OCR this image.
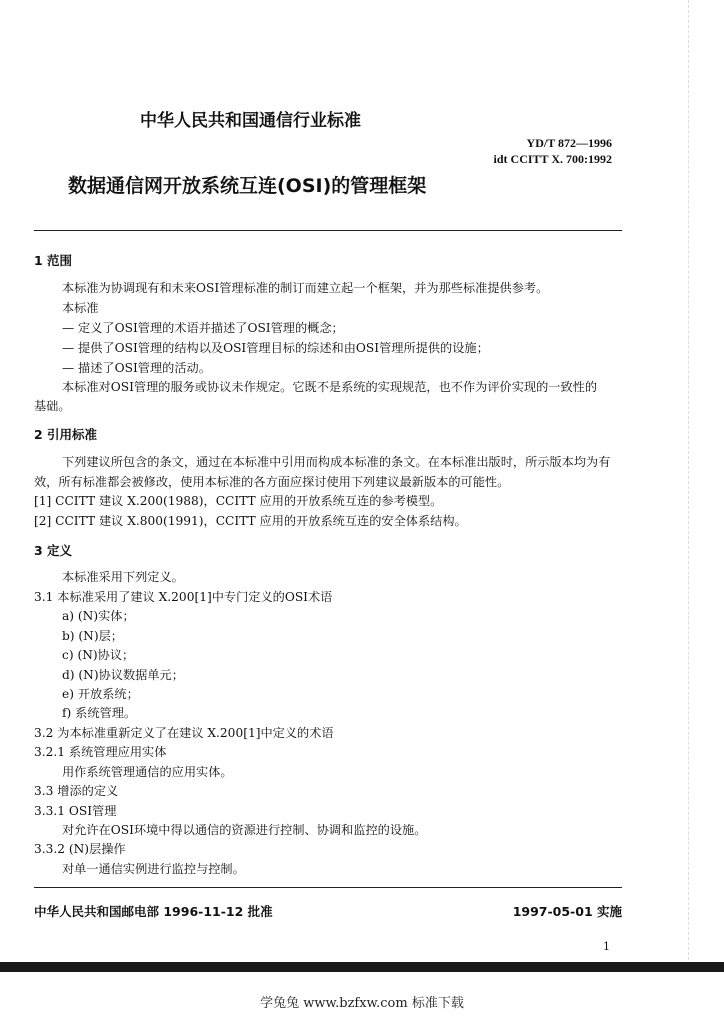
中华人民共和国通信行业标准
YD/T 872—1996
idt CCITT X. 700:1992
数据通信网开放系统互连(OSI)的管理框架
1 范围
本标准为协调现有和未来OSI管理标准的制订而建立起一个框架，并为那些标准提供参考。
本标准
— 定义了OSI管理的术语并描述了OSI管理的概念；
— 提供了OSI管理的结构以及OSI管理目标的综述和由OSI管理所提供的设施；
— 描述了OSI管理的活动。
本标准对OSI管理的服务或协议未作规定。它既不是系统的实现规范，也不作为评价实现的一致性的
基础。
2 引用标准
下列建议所包含的条文，通过在本标准中引用而构成本标准的条文。在本标准出版时，所示版本均为有
效，所有标准都会被修改，使用本标准的各方面应探讨使用下列建议最新版本的可能性。
[1] CCITT 建议 X.200(1988)，CCITT 应用的开放系统互连的参考模型。
[2] CCITT 建议 X.800(1991)，CCITT 应用的开放系统互连的安全体系结构。
3 定义
本标准采用下列定义。
3.1 本标准采用了建议 X.200[1]中专门定义的OSI术语
a) (N)实体；
b) (N)层；
c) (N)协议；
d) (N)协议数据单元；
e) 开放系统；
f) 系统管理。
3.2 为本标准重新定义了在建议 X.200[1]中定义的术语
3.2.1 系统管理应用实体
用作系统管理通信的应用实体。
3.3 增添的定义
3.3.1 OSI管理
对允许在OSI环境中得以通信的资源进行控制、协调和监控的设施。
3.3.2 (N)层操作
对单一通信实例进行监控与控制。
中华人民共和国邮电部 1996-11-12 批准	1997-05-01 实施
1
学兔兔 www.bzfxw.com 标准下载
